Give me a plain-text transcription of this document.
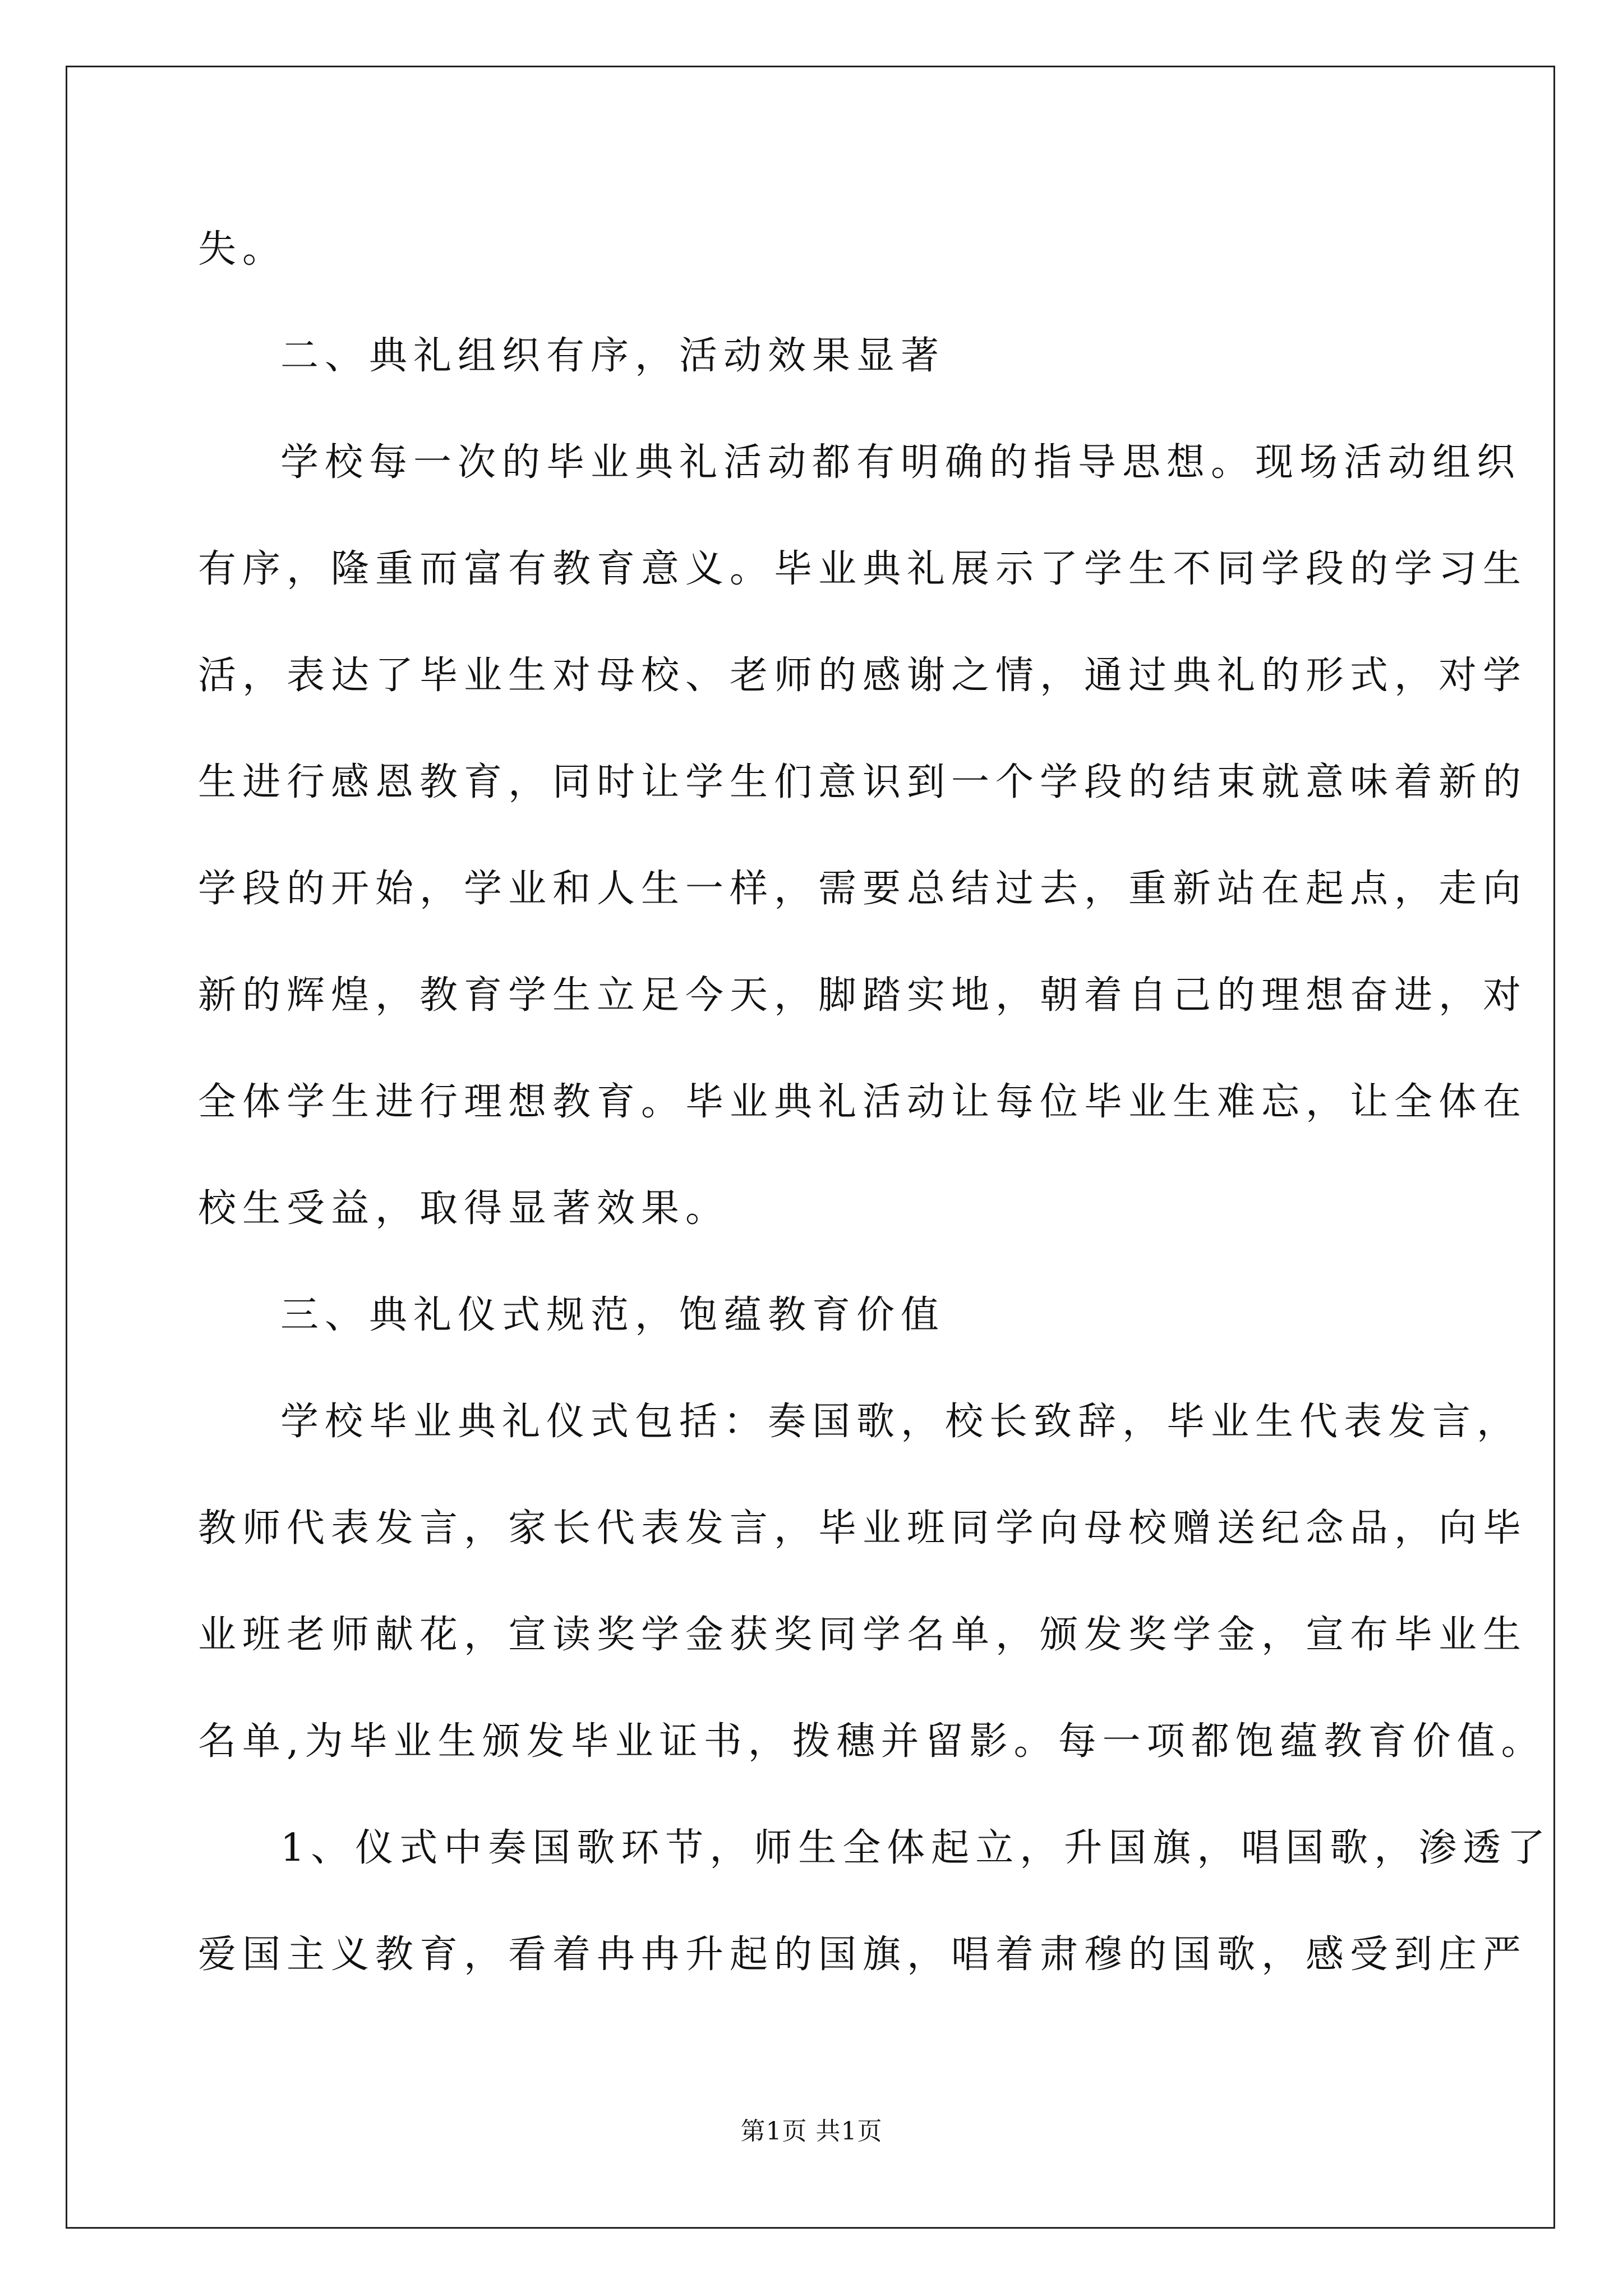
失。
二、典礼组织有序，活动效果显著
学校每一次的毕业典礼活动都有明确的指导思想。现场活动组织
有序，隆重而富有教育意义。毕业典礼展示了学生不同学段的学习生
活，表达了毕业生对母校、老师的感谢之情，通过典礼的形式，对学
生进行感恩教育，同时让学生们意识到一个学段的结束就意味着新的
学段的开始，学业和人生一样，需要总结过去，重新站在起点，走向
新的辉煌，教育学生立足今天，脚踏实地，朝着自己的理想奋进，对
全体学生进行理想教育。毕业典礼活动让每位毕业生难忘，让全体在
校生受益，取得显著效果。
三、典礼仪式规范，饱蕴教育价值
学校毕业典礼仪式包括：奏国歌，校长致辞，毕业生代表发言，
教师代表发言，家长代表发言，毕业班同学向母校赠送纪念品，向毕
业班老师献花，宣读奖学金获奖同学名单，颁发奖学金，宣布毕业生
名单,为毕业生颁发毕业证书，拨穗并留影。每一项都饱蕴教育价值。
1、仪式中奏国歌环节，师生全体起立，升国旗，唱国歌，渗透了
爱国主义教育，看着冉冉升起的国旗，唱着肃穆的国歌，感受到庄严
第1页 共1页
